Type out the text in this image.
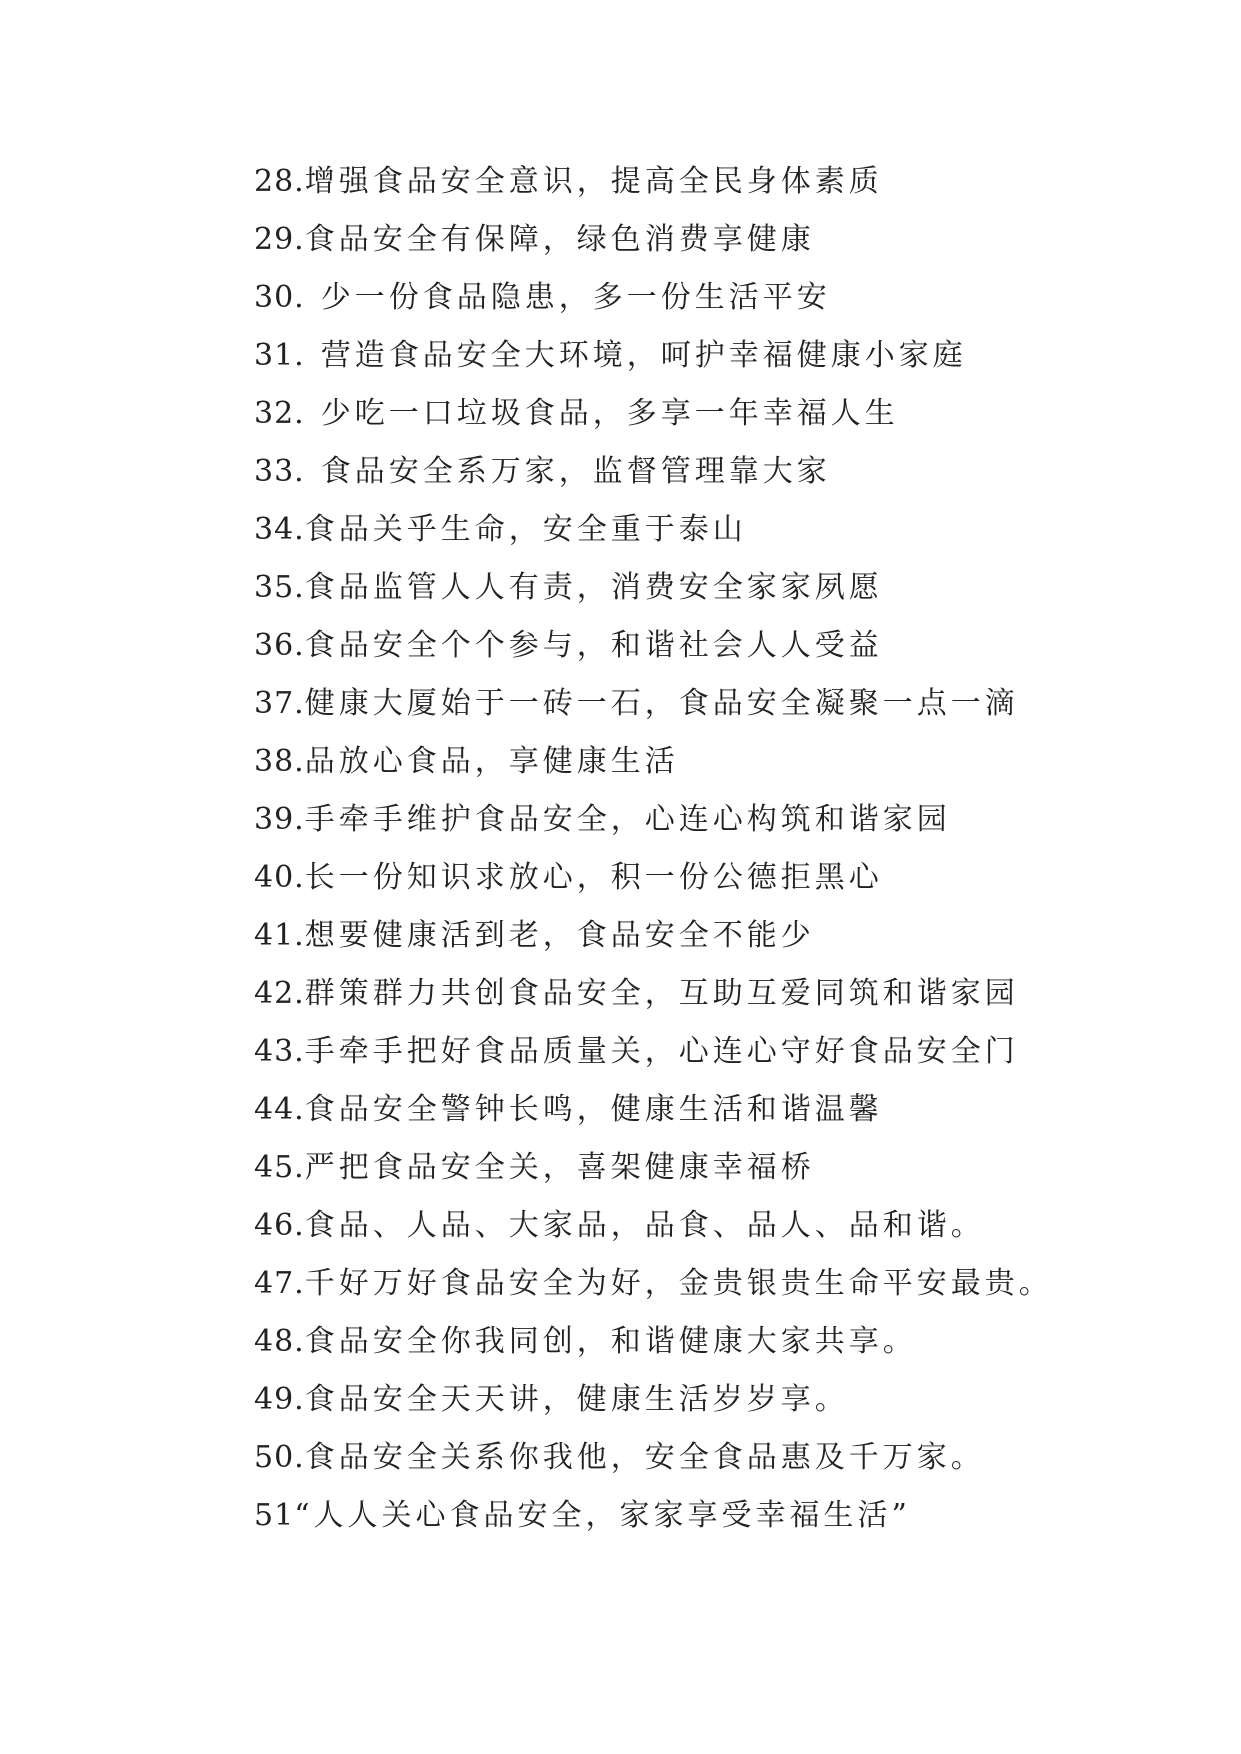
28.增强食品安全意识，提高全民身体素质
29.食品安全有保障，绿色消费享健康
30. 少一份食品隐患，多一份生活平安
31. 营造食品安全大环境，呵护幸福健康小家庭
32. 少吃一口垃圾食品，多享一年幸福人生
33. 食品安全系万家，监督管理靠大家
34.食品关乎生命，安全重于泰山
35.食品监管人人有责，消费安全家家夙愿
36.食品安全个个参与，和谐社会人人受益
37.健康大厦始于一砖一石，食品安全凝聚一点一滴
38.品放心食品，享健康生活
39.手牵手维护食品安全，心连心构筑和谐家园
40.长一份知识求放心，积一份公德拒黑心
41.想要健康活到老，食品安全不能少
42.群策群力共创食品安全，互助互爱同筑和谐家园
43.手牵手把好食品质量关，心连心守好食品安全门
44.食品安全警钟长鸣，健康生活和谐温馨
45.严把食品安全关，喜架健康幸福桥
46.食品、人品、大家品，品食、品人、品和谐。
47.千好万好食品安全为好，金贵银贵生命平安最贵。
48.食品安全你我同创，和谐健康大家共享。
49.食品安全天天讲，健康生活岁岁享。
50.食品安全关系你我他，安全食品惠及千万家。
51“人人关心食品安全，家家享受幸福生活”
